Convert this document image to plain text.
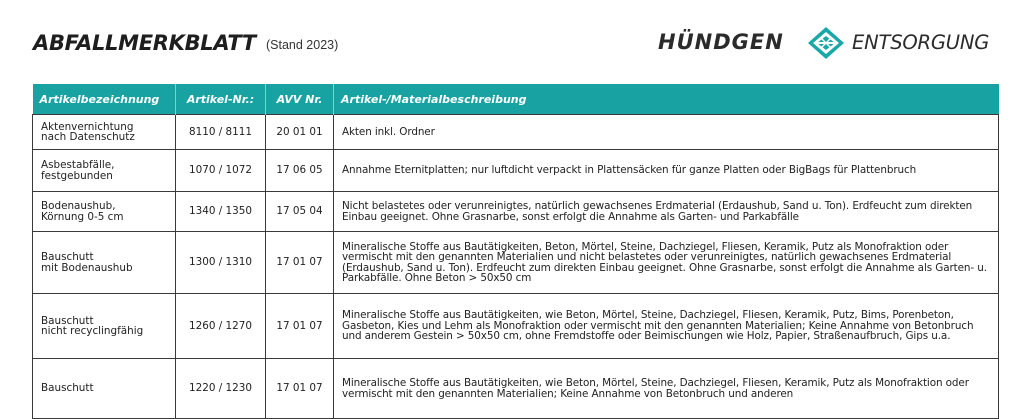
ABFALLMERKBLATT (Stand 2023)	HÜNDGEN	ENTSORGUNG
Artikelbezeichnung	Artikel-Nr.:	AVV Nr.	Artikel-/Materialbeschreibung

Aktenvernichtung
nach Datenschutz	8110 / 8111	20 01 01	Akten inkl. Ordner

Asbestabfälle,
festgebunden	1070 / 1072	17 06 05	Annahme Eternitplatten; nur luftdicht verpackt in Plattensäcken für ganze Platten oder BigBags für Plattenbruch

Bodenaushub,
Körnung 0-5 cm	1340 / 1350	17 05 04	Nicht belastetes oder verunreinigtes, natürlich gewachsenes Erdmaterial (Erdaushub, Sand u. Ton). Erdfeucht zum direkten Einbau geeignet. Ohne Grasnarbe, sonst erfolgt die Annahme als Garten- und Parkabfälle

Bauschutt
mit Bodenaushub	1300 / 1310	17 01 07	Mineralische Stoffe aus Bautätigkeiten, Beton, Mörtel, Steine, Dachziegel, Fliesen, Keramik, Putz als Monofraktion oder vermischt mit den genannten Materialien und nicht belastetes oder verunreinigtes, natürlich gewachsenes Erdmaterial (Erdaushub, Sand u. Ton). Erdfeucht zum direkten Einbau geeignet. Ohne Grasnarbe, sonst erfolgt die Annahme als Garten- u. Parkabfälle. Ohne Beton > 50x50 cm

Bauschutt
nicht recyclingfähig	1260 / 1270	17 01 07	Mineralische Stoffe aus Bautätigkeiten, wie Beton, Mörtel, Steine, Dachziegel, Fliesen, Keramik, Putz, Bims, Porenbeton, Gasbeton, Kies und Lehm als Monofraktion oder vermischt mit den genannten Materialien; Keine Annahme von Betonbruch und anderem Gestein > 50x50 cm, ohne Fremdstoffe oder Beimischungen wie Holz, Papier, Straßenaufbruch, Gips u.a.

Bauschutt	1220 / 1230	17 01 07	Mineralische Stoffe aus Bautätigkeiten, wie Beton, Mörtel, Steine, Dachziegel, Fliesen, Keramik, Putz als Monofraktion oder vermischt mit den genannten Materialien; Keine Annahme von Betonbruch und anderen
